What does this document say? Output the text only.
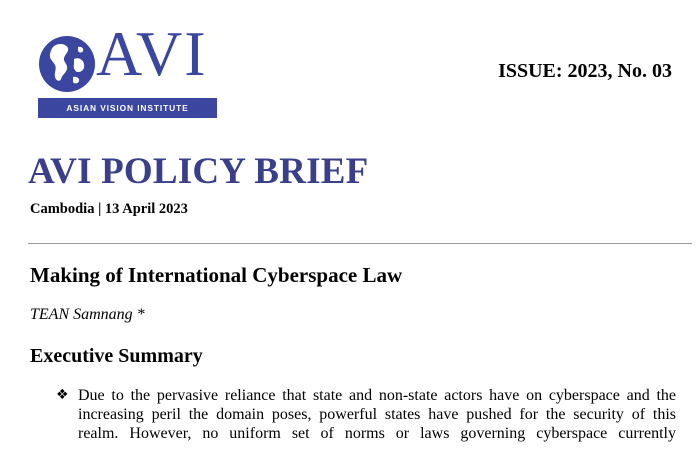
AVI
ASIAN VISION INSTITUTE
ISSUE: 2023, No. 03
AVI POLICY BRIEF
Cambodia | 13 April 2023
Making of International Cyberspace Law
TEAN Samnang *
Executive Summary
❖ Due to the pervasive reliance that state and non-state actors have on cyberspace and the
increasing peril the domain poses, powerful states have pushed for the security of this
realm. However, no uniform set of norms or laws governing cyberspace currently
